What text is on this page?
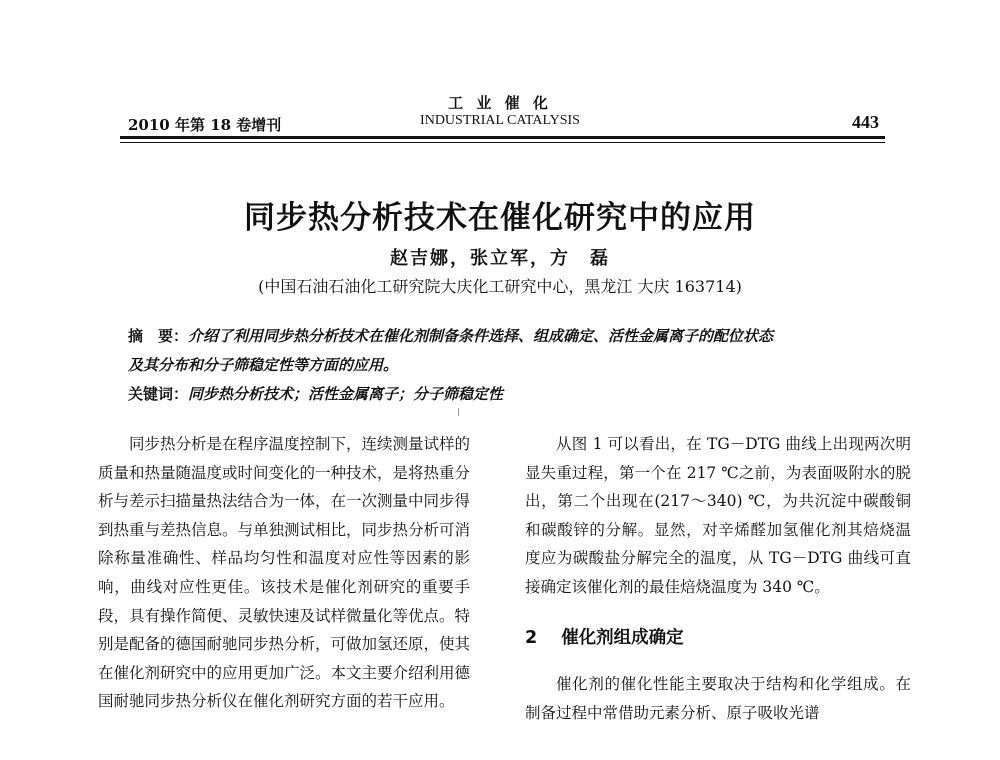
2010 年第 18 卷增刊
工 业 催 化
INDUSTRIAL CATALYSIS	443
同步热分析技术在催化研究中的应用
赵吉娜，张立军，方　磊
(中国石油石油化工研究院大庆化工研究中心，黑龙江 大庆 163714)

摘　要：介绍了利用同步热分析技术在催化剂制备条件选择、组成确定、活性金属离子的配位状态

及其分布和分子筛稳定性等方面的应用。

关键词：同步热分析技术；活性金属离子；分子筛稳定性

同步热分析是在程序温度控制下，连续测量试样的质量和热量随温度或时间变化的一种技术，是将热重分析与差示扫描量热法结合为一体，在一次测量中同步得到热重与差热信息。与单独测试相比，同步热分析可消除称量准确性、样品均匀性和温度对应性等因素的影响，曲线对应性更佳。该技术是催化剂研究的重要手段，具有操作简便、灵敏快速及试样微量化等优点。特别是配备的德国耐驰同步热分析，可做加氢还原，使其在催化剂研究中的应用更加广泛。本文主要介绍利用德国耐驰同步热分析仪在催化剂研究方面的若干应用。

从图 1 可以看出，在 TG－DTG 曲线上出现两次明显失重过程，第一个在 217 ℃之前，为表面吸附水的脱出，第二个出现在(217～340) ℃，为共沉淀中碳酸铜和碳酸锌的分解。显然，对辛烯醛加氢催化剂其焙烧温度应为碳酸盐分解完全的温度，从 TG－DTG 曲线可直接确定该催化剂的最佳焙烧温度为 340 ℃。

2 催化剂组成确定

催化剂的催化性能主要取决于结构和化学组成。在制备过程中常借助元素分析、原子吸收光谱
